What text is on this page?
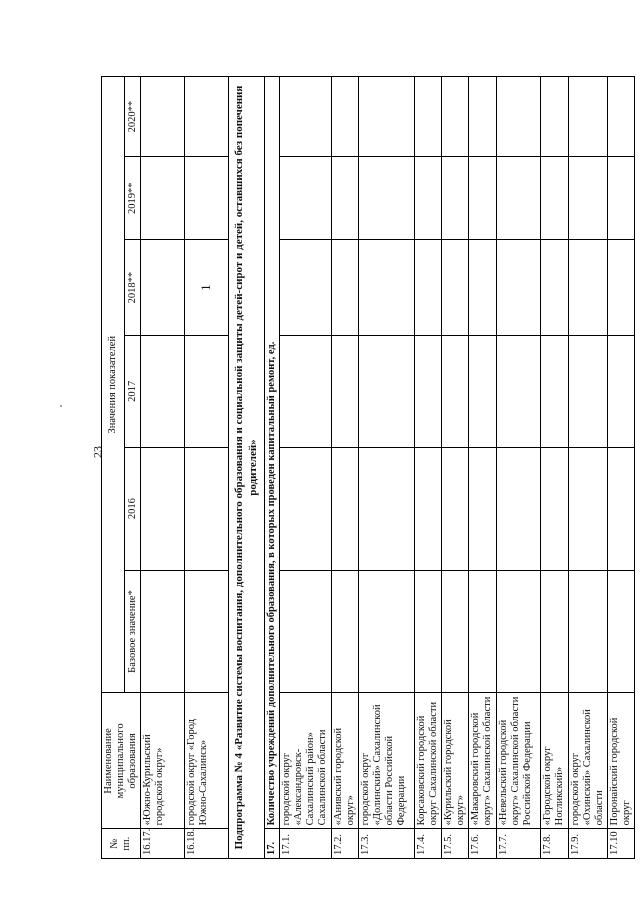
23
№ пп.	Наименование муниципального образования	Значения показателей					
		Базовое значение*	2016	2017	2018**	2019**	2020**
16.17.	«Южно-Курильский городской округ»						
16.18.	городской округ «Город Южно-Сахалинск»				1		
Подпрограмма № 4 «Развитие системы воспитания, дополнительного образования и социальной защиты детей-сирот и детей, оставшихся без попечения родителей»							
17.	Количество учреждений дополнительного образования, в которых проведен капитальный ремонт, ед.						
17.1.	городской округ «Александровск-Сахалинский район» Сахалинской области						
17.2.	«Анивский городской округ»						
17.3.	городской округ «Долинский» Сахалинской области Российской Федерации						
17.4.	Корсаковский городской округ Сахалинской области						
17.5.	«Курильский городской округ»						
17.6.	«Макаровский городской округ» Сахалинской области						
17.7.	«Невельский городской округ» Сахалинской области Российской Федерации						
17.8.	«Городской округ Ногликский»						
17.9.	городской округ «Охинский» Сахалинской области						
17.10	Поронайский городской округ						
